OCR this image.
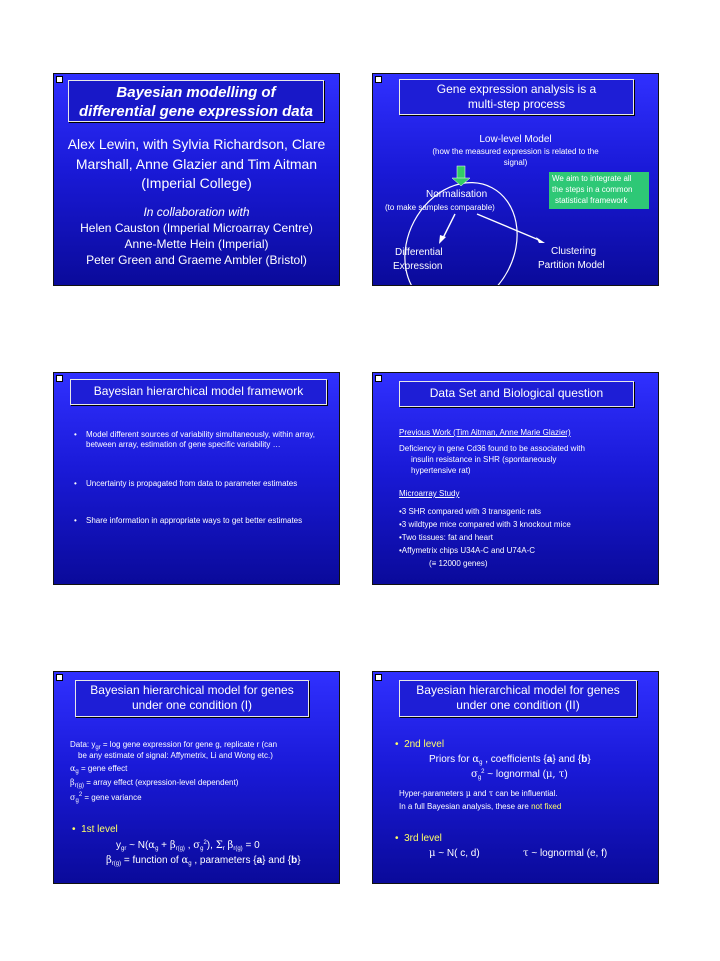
Bayesian modelling of
differential gene expression data
Alex Lewin, with Sylvia Richardson, Clare
Marshall, Anne Glazier and Tim Aitman
(Imperial College)
In collaboration with
Helen Causton (Imperial Microarray Centre)
Anne-Mette Hein (Imperial)
Peter Green and Graeme Ambler (Bristol)
Gene expression analysis is a
multi-step process
Low-level Model
(how the measured expression is related to the
signal)
We aim to integrate all
the steps in a common
statistical framework
Normalisation
(to make samples comparable)
Differential
Expression
Clustering
Partition Model
Bayesian hierarchical model framework
• Model different sources of variability simultaneously, within array, between array, estimation of gene specific variability …
• Uncertainty is propagated from data to parameter estimates
• Share information in appropriate ways to get better estimates
Data Set and Biological question
Previous Work (Tim Aitman, Anne Marie Glazier)
Deficiency in gene Cd36 found to be associated with
insulin resistance in SHR (spontaneously
hypertensive rat)
Microarray Study
•3 SHR compared with 3 transgenic rats
•3 wildtype mice compared with 3 knockout mice
•Two tissues: fat and heart
•Affymetrix chips U34A-C and U74A-C
(≡ 12000 genes)
Bayesian hierarchical model for genes
under one condition (I)
Data: $y_{gr} = \log$ gene expression for gene g, replicate r (can
be any estimate of signal: Affymetrix, Li and Wong etc.)
$\alpha_g$ = gene effect
$\beta_{r(g)}$ = array effect (expression-level dependent)
$\sigma_g^2$ = gene variance
•  1st level
$y_{gr}$ ~ $N(\alpha_g + \beta_{r(g)}$ , $\sigma_g^2$), $\Sigma_r$ $\beta_{r(g)} = 0$
$\beta_{r(g)}$ = function of $\alpha_g$ , parameters {a} and {b}
Bayesian hierarchical model for genes
under one condition (II)
•  2nd level
Priors for $\alpha_g$ , coefficients {a} and {b}
$\sigma_g^2$ ~ lognormal (μ, τ)
Hyper-parameters μ and τ can be influential.
In a full Bayesian analysis, these are not fixed
•  3rd level
μ ~ N( c, d)	τ ~ lognormal (e, f)
